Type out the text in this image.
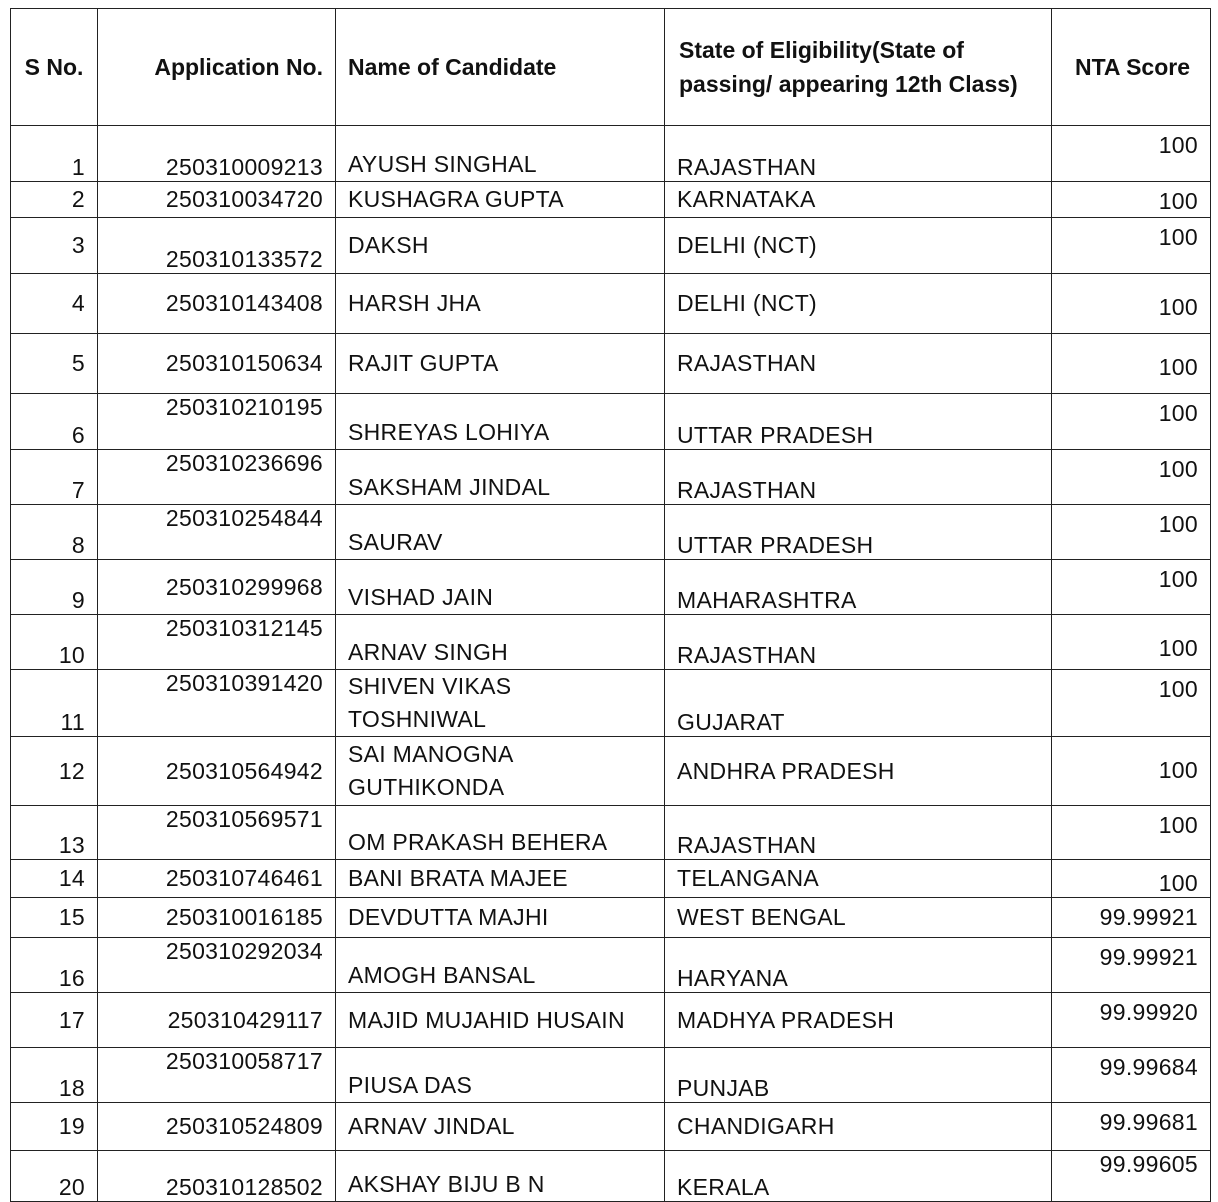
S No.	Application No.	Name of Candidate	State of Eligibility(State of passing/ appearing 12th Class)	NTA Score
1	250310009213	AYUSH SINGHAL	RAJASTHAN	100
2	250310034720	KUSHAGRA GUPTA	KARNATAKA	100
3	250310133572	DAKSH	DELHI (NCT)	100
4	250310143408	HARSH JHA	DELHI (NCT)	100
5	250310150634	RAJIT GUPTA	RAJASTHAN	100
6	250310210195	SHREYAS LOHIYA	UTTAR PRADESH	100
7	250310236696	SAKSHAM JINDAL	RAJASTHAN	100
8	250310254844	SAURAV	UTTAR PRADESH	100
9	250310299968	VISHAD JAIN	MAHARASHTRA	100
10	250310312145	ARNAV SINGH	RAJASTHAN	100
11	250310391420	SHIVEN VIKAS TOSHNIWAL	GUJARAT	100
12	250310564942	SAI MANOGNA GUTHIKONDA	ANDHRA PRADESH	100
13	250310569571	OM PRAKASH BEHERA	RAJASTHAN	100
14	250310746461	BANI BRATA MAJEE	TELANGANA	100
15	250310016185	DEVDUTTA MAJHI	WEST BENGAL	99.99921
16	250310292034	AMOGH BANSAL	HARYANA	99.99921
17	250310429117	MAJID MUJAHID HUSAIN	MADHYA PRADESH	99.99920
18	250310058717	PIUSA DAS	PUNJAB	99.99684
19	250310524809	ARNAV JINDAL	CHANDIGARH	99.99681
20	250310128502	AKSHAY BIJU B N	KERALA	99.99605
